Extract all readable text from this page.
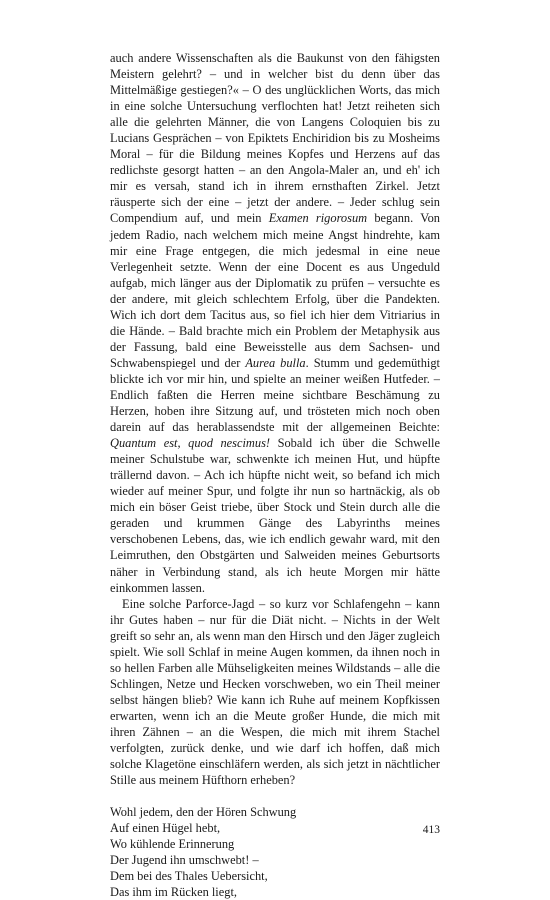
auch andere Wissenschaften als die Baukunst von den fähigsten Meistern gelehrt? – und in welcher bist du denn über das Mittelmäßige gestiegen?« – O des unglücklichen Worts, das mich in eine solche Untersuchung verflochten hat! Jetzt reiheten sich alle die gelehrten Männer, die von Langens Coloquien bis zu Lucians Gesprächen – von Epiktets Enchiridion bis zu Mosheims Moral – für die Bildung meines Kopfes und Herzens auf das redlichste gesorgt hatten – an den Angola-Maler an, und eh' ich mir es versah, stand ich in ihrem ernsthaften Zirkel. Jetzt räusperte sich der eine – jetzt der andere. – Jeder schlug sein Compendium auf, und mein Examen rigorosum begann. Von jedem Radio, nach welchem mich meine Angst hindrehte, kam mir eine Frage entgegen, die mich jedesmal in eine neue Verlegenheit setzte. Wenn der eine Docent es aus Ungeduld aufgab, mich länger aus der Diplomatik zu prüfen – versuchte es der andere, mit gleich schlechtem Erfolg, über die Pandekten. Wich ich dort dem Tacitus aus, so fiel ich hier dem Vitriarius in die Hände. – Bald brachte mich ein Problem der Metaphysik aus der Fassung, bald eine Beweisstelle aus dem Sachsen- und Schwabenspiegel und der Aurea bulla. Stumm und gedemüthigt blickte ich vor mir hin, und spielte an meiner weißen Hutfeder. – Endlich faßten die Herren meine sichtbare Beschämung zu Herzen, hoben ihre Sitzung auf, und trösteten mich noch oben darein auf das herablassendste mit der allgemeinen Beichte: Quantum est, quod nescimus! Sobald ich über die Schwelle meiner Schulstube war, schwenkte ich meinen Hut, und hüpfte trällernd davon. – Ach ich hüpfte nicht weit, so befand ich mich wieder auf meiner Spur, und folgte ihr nun so hartnäckig, als ob mich ein böser Geist triebe, über Stock und Stein durch alle die geraden und krummen Gänge des Labyrinths meines verschobenen Lebens, das, wie ich endlich gewahr ward, mit den Leimruthen, den Obstgärten und Salweiden meines Geburtsorts näher in Verbindung stand, als ich heute Morgen mir hätte einkommen lassen.

Eine solche Parforce-Jagd – so kurz vor Schlafengehn – kann ihr Gutes haben – nur für die Diät nicht. – Nichts in der Welt greift so sehr an, als wenn man den Hirsch und den Jäger zugleich spielt. Wie soll Schlaf in meine Augen kommen, da ihnen noch in so hellen Farben alle Mühseligkeiten meines Wildstands – alle die Schlingen, Netze und Hecken vorschweben, wo ein Theil meiner selbst hängen blieb? Wie kann ich Ruhe auf meinem Kopfkissen erwarten, wenn ich an die Meute großer Hunde, die mich mit ihren Zähnen – an die Wespen, die mich mit ihrem Stachel verfolgten, zurück denke, und wie darf ich hoffen, daß mich solche Klagetöne einschläfern werden, als sich jetzt in nächtlicher Stille aus meinem Hüfthorn erheben?

Wohl jedem, den der Hören Schwung
Auf einen Hügel hebt,
Wo kühlende Erinnerung
Der Jugend ihn umschwebt! –
Dem bei des Thales Uebersicht,
Das ihm im Rücken liegt,
413
